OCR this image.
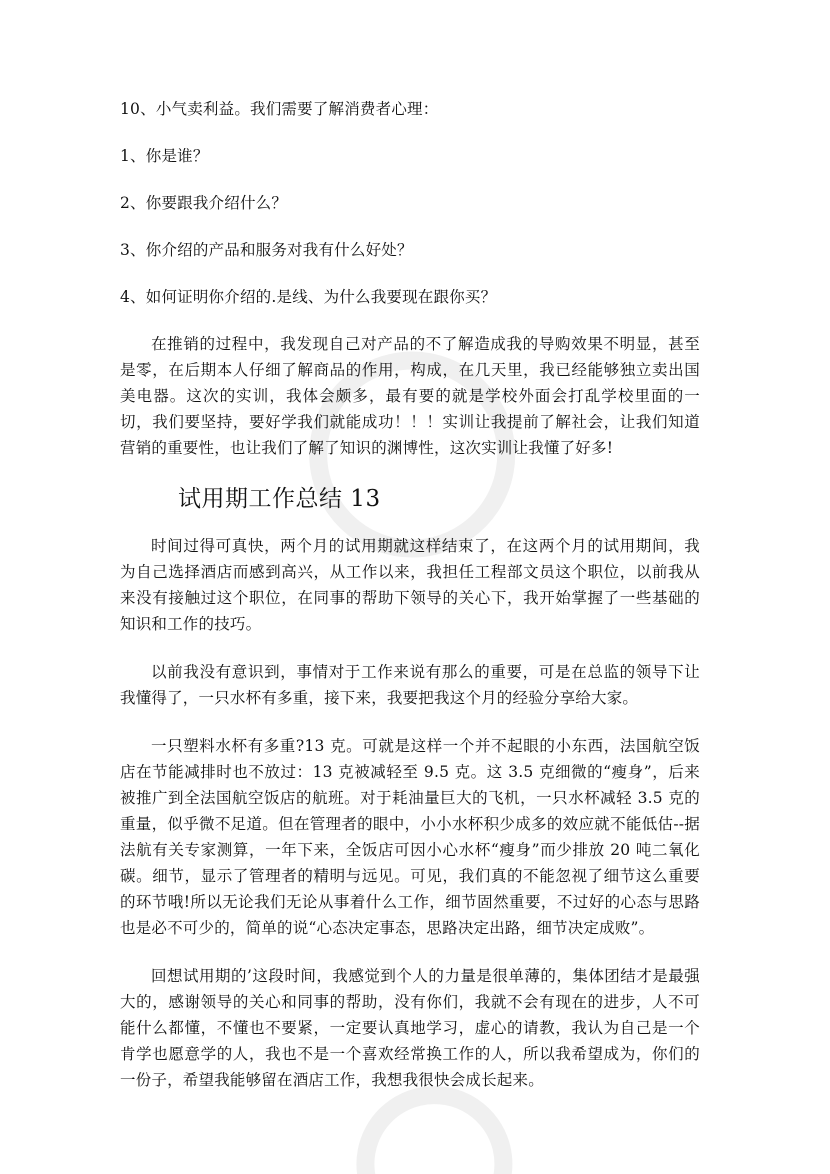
10、小气卖利益。我们需要了解消费者心理：

1、你是谁？

2、你要跟我介绍什么？

3、你介绍的产品和服务对我有什么好处？

4、如何证明你介绍的.是线、为什么我要现在跟你买？

在推销的过程中，我发现自己对产品的不了解造成我的导购效果不明显，甚至是零，在后期本人仔细了解商品的作用，构成，在几天里，我已经能够独立卖出国美电器。这次的实训，我体会颇多，最有要的就是学校外面会打乱学校里面的一切，我们要坚持，要好学我们就能成功！！！实训让我提前了解社会，让我们知道营销的重要性，也让我们了解了知识的渊博性，这次实训让我懂了好多!

试用期工作总结 13

时间过得可真快，两个月的试用期就这样结束了，在这两个月的试用期间，我为自己选择酒店而感到高兴，从工作以来，我担任工程部文员这个职位，以前我从来没有接触过这个职位，在同事的帮助下领导的关心下，我开始掌握了一些基础的知识和工作的技巧。

以前我没有意识到，事情对于工作来说有那么的重要，可是在总监的领导下让我懂得了，一只水杯有多重，接下来，我要把我这个月的经验分享给大家。

一只塑料水杯有多重?13 克。可就是这样一个并不起眼的小东西，法国航空饭店在节能减排时也不放过：13 克被减轻至 9.5 克。这 3.5 克细微的“瘦身”，后来被推广到全法国航空饭店的航班。对于耗油量巨大的飞机，一只水杯减轻 3.5 克的重量，似乎微不足道。但在管理者的眼中，小小水杯积少成多的效应就不能低估--据法航有关专家测算，一年下来，全饭店可因小心水杯“瘦身”而少排放 20 吨二氧化碳。细节，显示了管理者的精明与远见。可见，我们真的不能忽视了细节这么重要的环节哦!所以无论我们无论从事着什么工作，细节固然重要，不过好的心态与思路也是必不可少的，简单的说“心态决定事态，思路决定出路，细节决定成败”。

回想试用期的’这段时间，我感觉到个人的力量是很单薄的，集体团结才是最强大的，感谢领导的关心和同事的帮助，没有你们，我就不会有现在的进步，人不可能什么都懂，不懂也不要紧，一定要认真地学习，虚心的请教，我认为自己是一个肯学也愿意学的人，我也不是一个喜欢经常换工作的人，所以我希望成为，你们的一份子，希望我能够留在酒店工作，我想我很快会成长起来。
